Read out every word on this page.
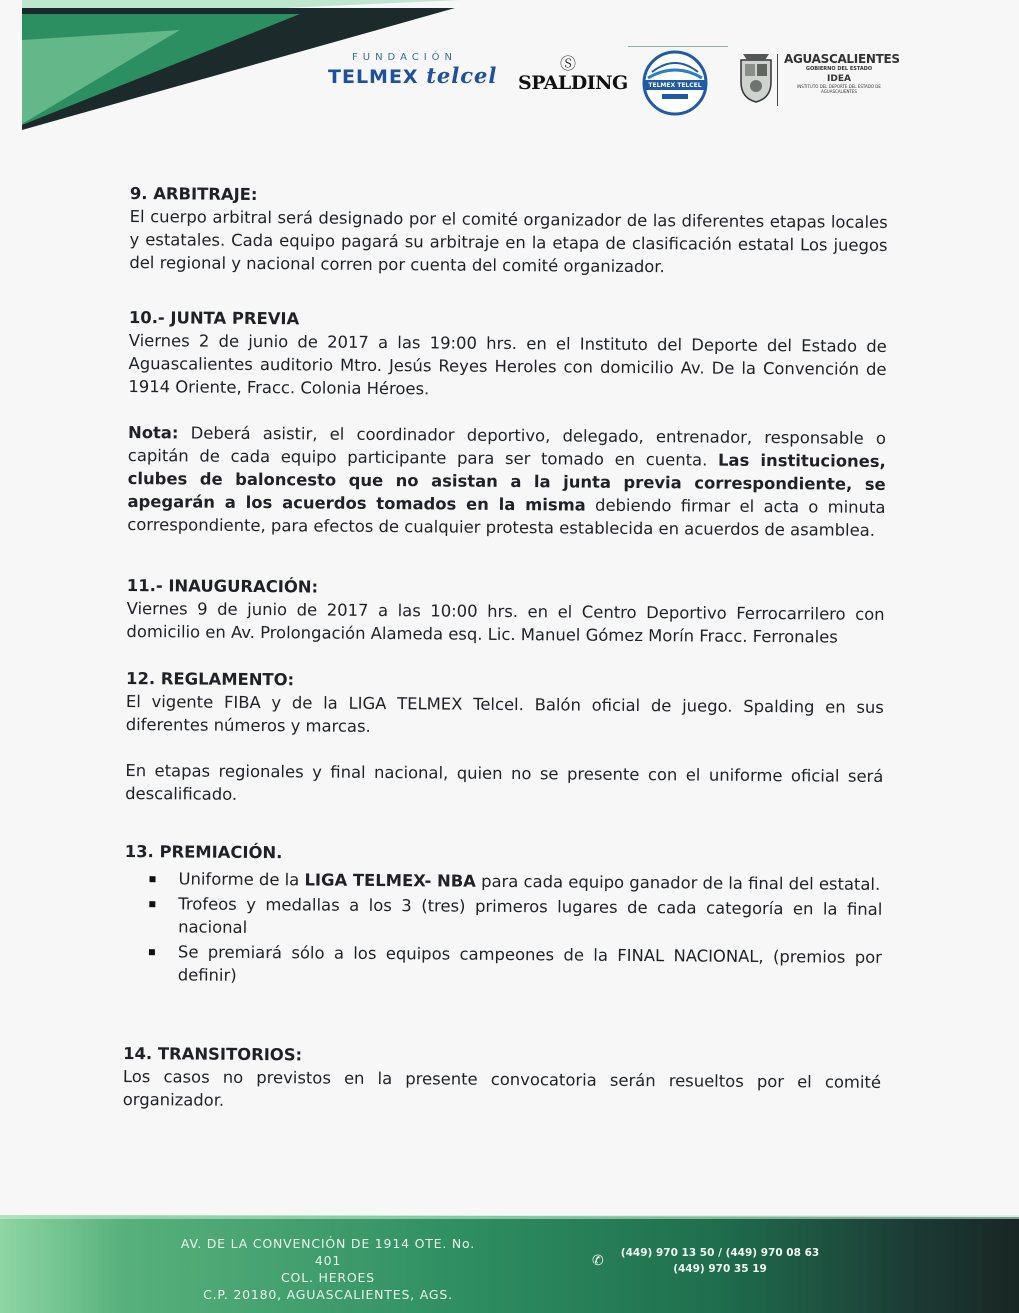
FUNDACIÓN
TELMEX telcel	Ⓢ
SPALDING	TELMEX TELCEL
AGUASCALIENTES
GOBIERNO DEL ESTADO
IDEA
INSTITUTO DEL DEPORTE DEL ESTADO DE AGUASCALIENTES
9. ARBITRAJE:

El cuerpo arbitral será designado por el comité organizador de las diferentes etapas locales y estatales. Cada equipo pagará su arbitraje en la etapa de clasificación estatal Los juegos del regional y nacional corren por cuenta del comité organizador.

10.- JUNTA PREVIA

Viernes 2 de junio de 2017 a las 19:00 hrs. en el Instituto del Deporte del Estado de Aguascalientes auditorio Mtro. Jesús Reyes Heroles con domicilio Av. De la Convención de 1914 Oriente, Fracc. Colonia Héroes.

Nota: Deberá asistir, el coordinador deportivo, delegado, entrenador, responsable o capitán de cada equipo participante para ser tomado en cuenta. Las instituciones, clubes de baloncesto que no asistan a la junta previa correspondiente, se apegarán a los acuerdos tomados en la misma debiendo firmar el acta o minuta correspondiente, para efectos de cualquier protesta establecida en acuerdos de asamblea.

11.- INAUGURACIÓN:

Viernes 9 de junio de 2017 a las 10:00 hrs. en el Centro Deportivo Ferrocarrilero con domicilio en Av. Prolongación Alameda esq. Lic. Manuel Gómez Morín Fracc. Ferronales

12. REGLAMENTO:

El vigente FIBA y de la LIGA TELMEX Telcel. Balón oficial de juego. Spalding en sus diferentes números y marcas.

En etapas regionales y final nacional, quien no se presente con el uniforme oficial será descalificado.

13. PREMIACIÓN.
Uniforme de la LIGA TELMEX- NBA para cada equipo ganador de la final del estatal.
Trofeos y medallas a los 3 (tres) primeros lugares de cada categoría en la final nacional
Se premiará sólo a los equipos campeones de la FINAL NACIONAL, (premios por definir)
14. TRANSITORIOS:

Los casos no previstos en la presente convocatoria serán resueltos por el comité organizador.

AV. DE LA CONVENCIÓN DE 1914 OTE. No. 401
COL. HEROES
C.P. 20180, AGUASCALIENTES, AGS.
✆	(449) 970 13 50 / (449) 970 08 63
(449) 970 35 19
